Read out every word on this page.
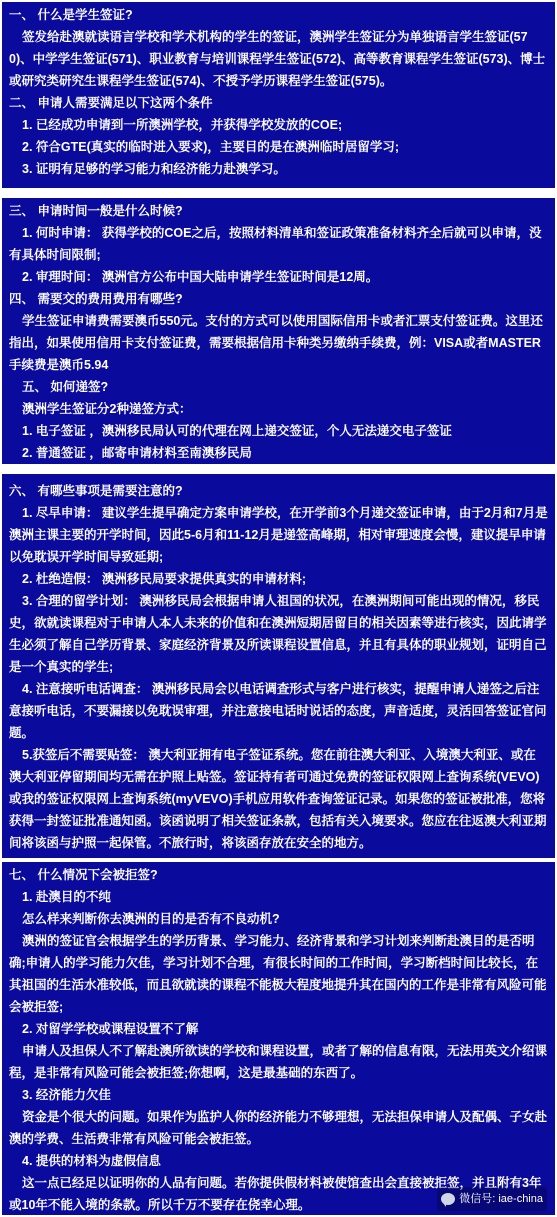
一、 什么是学生签证?
签发给赴澳就读语言学校和学术机构的学生的签证，澳洲学生签证分为单独语言学生签证(570)、中学学生签证(571)、职业教育与培训课程学生签证(572)、高等教育课程学生签证(573)、博士或研究类研究生课程学生签证(574)、不授予学历课程学生签证(575)。
二、 申请人需要满足以下这两个条件
1. 已经成功申请到一所澳洲学校，并获得学校发放的COE;
2. 符合GTE(真实的临时进入要求)，主要目的是在澳洲临时居留学习;
3. 证明有足够的学习能力和经济能力赴澳学习。
三、 申请时间一般是什么时候?
1. 何时申请： 获得学校的COE之后，按照材料清单和签证政策准备材料齐全后就可以申请，没有具体时间限制;
2. 审理时间： 澳洲官方公布中国大陆申请学生签证时间是12周。
四、 需要交的费用费用有哪些?
学生签证申请费需要澳币550元。支付的方式可以使用国际信用卡或者汇票支付签证费。这里还指出，如果使用信用卡支付签证费，需要根据信用卡种类另缴纳手续费，例：VISA或者MASTER手续费是澳币5.94
五、 如何递签?
澳洲学生签证分2种递签方式：
1. 电子签证 ，澳洲移民局认可的代理在网上递交签证，个人无法递交电子签证
2. 普通签证 ，邮寄申请材料至南澳移民局
六、 有哪些事项是需要注意的?
1. 尽早申请： 建议学生提早确定方案申请学校，在开学前3个月递交签证申请，由于2月和7月是澳洲主课主要的开学时间，因此5-6月和11-12月是递签高峰期，相对审理速度会慢，建议提早申请以免耽误开学时间导致延期;
2. 杜绝造假： 澳洲移民局要求提供真实的申请材料;
3. 合理的留学计划： 澳洲移民局会根据申请人祖国的状况，在澳洲期间可能出现的情况，移民史，欲就读课程对于申请人本人未来的价值和在澳洲短期居留目的相关因素等进行核实，因此请学生必须了解自己学历背景、家庭经济背景及所读课程设置信息，并且有具体的职业规划，证明自己是一个真实的学生;
4. 注意接听电话调查： 澳洲移民局会以电话调查形式与客户进行核实，提醒申请人递签之后注意接听电话，不要漏接以免耽误审理，并注意接电话时说话的态度，声音适度，灵活回答签证官问题。
5.获签后不需要贴签： 澳大利亚拥有电子签证系统。您在前往澳大利亚、入境澳大利亚、或在澳大利亚停留期间均无需在护照上贴签。签证持有者可通过免费的签证权限网上查询系统(VEVO) 或我的签证权限网上查询系统(myVEVO)手机应用软件查询签证记录。如果您的签证被批准，您将获得一封签证批准通知函。该函说明了相关签证条款，包括有关入境要求。您应在往返澳大利亚期间将该函与护照一起保管。不旅行时，将该函存放在安全的地方。
七、 什么情况下会被拒签?
1. 赴澳目的不纯
怎么样来判断你去澳洲的目的是否有不良动机?
澳洲的签证官会根据学生的学历背景、学习能力、经济背景和学习计划来判断赴澳目的是否明确;申请人的学习能力欠佳，学习计划不合理，有很长时间的工作时间，学习断档时间比较长，在其祖国的生活水准较低，而且欲就读的课程不能极大程度地提升其在国内的工作是非常有风险可能会被拒签;
2. 对留学学校或课程设置不了解
申请人及担保人不了解赴澳所欲读的学校和课程设置，或者了解的信息有限，无法用英文介绍课程，是非常有风险可能会被拒签;你想啊，这是最基础的东西了。
3. 经济能力欠佳
资金是个很大的问题。如果作为监护人你的经济能力不够理想，无法担保申请人及配偶、子女赴澳的学费、生活费非常有风险可能会被拒签。
4. 提供的材料为虚假信息
这一点已经足以证明你的人品有问题。若你提供假材料被使馆查出会直接被拒签，并且附有3年或10年不能入境的条款。所以千万不要存在侥幸心理。	微信号: iae-china
